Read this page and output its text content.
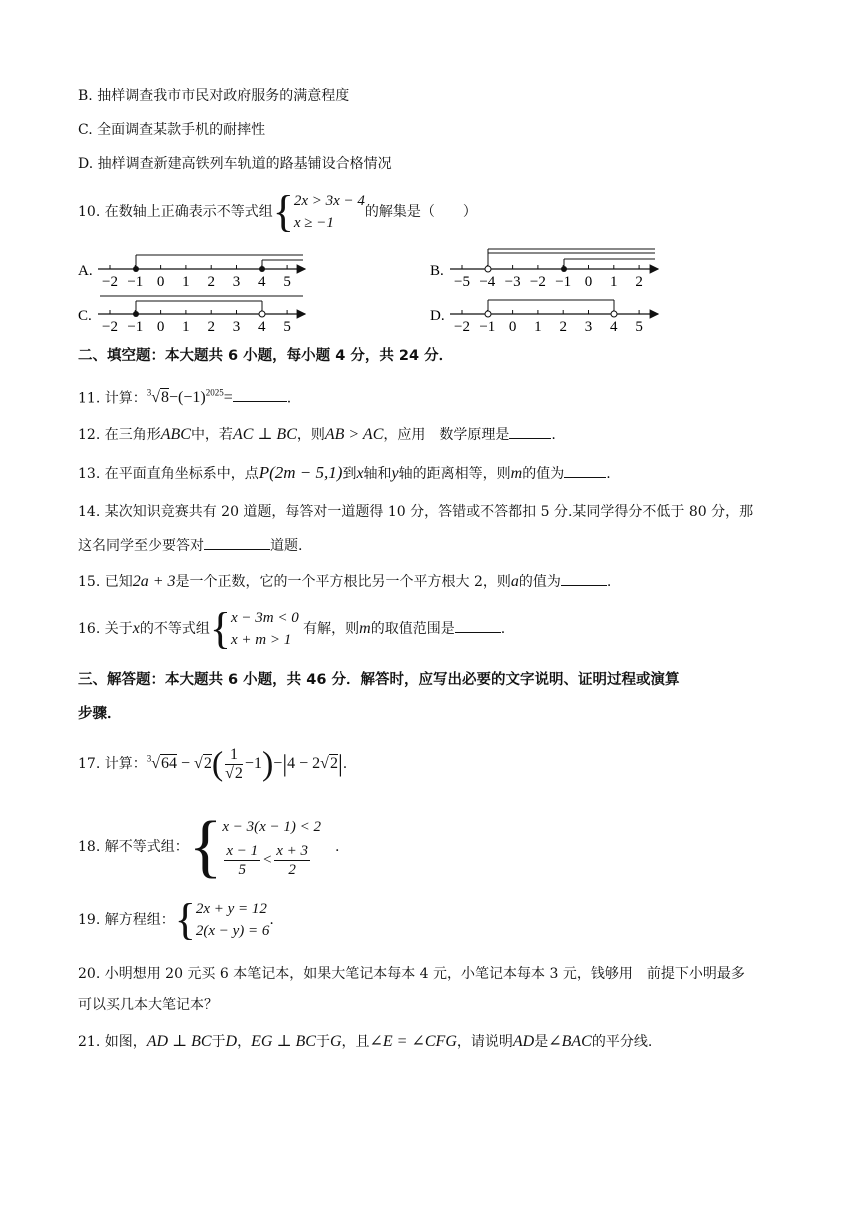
B. 抽样调查我市市民对政府服务的满意程度
C. 全面调查某款手机的耐摔性
D. 抽样调查新建高铁列车轨道的路基铺设合格情况
10. 在数轴上正确表示不等式组{ 2x > 3x − 4
x ≥ −1
的解集是（　　）
A.
−2 −1 0 1 2 3 4 5
B.
−5 −4 −3 −2 −1 0 1 2
C.
−2 −1 0 1 2 3 4 5
D.
−2 −1 0 1 2 3 4 5
二、填空题：本大题共 6 小题，每小题 4 分，共 24 分．
11. 计算：$^3√8-(-1)^{2025}=$	.
12. 在三角形ABC中，若AC ⊥ BC，则AB > AC，应用　数学原理是	.
13. 在平面直角坐标系中，点P(2m − 5,1)到x轴和y轴的距离相等，则m的值为	.
14. 某次知识竞赛共有 20 道题，每答对一道题得 10 分，答错或不答都扣 5 分.某同学得分不低于 80 分，那
这名同学至少要答对	道题.
15. 已知2a + 3是一个正数，它的一个平方根比另一个平方根大 2，则a的值为	.
16. 关于x的不等式组{ x − 3m < 0
x + m > 1
有解，则m的取值范围是	.
三、解答题：本大题共 6 小题，共 46 分．解答时，应写出必要的文字说明、证明过程或演算
步骤．
17. 计算：$^3√64 - √2( \frac{1}{√2} -1)-|4 - 2√2|$.
18. 解不等式组：{ x − 3(x − 1) < 2
$\frac{x - 1}{5} < \frac{x + 3}{2}$ .
19. 解方程组：{ 2x + y = 12
2(x − y) = 6
.
20. 小明想用 20 元买 6 本笔记本，如果大笔记本每本 4 元，小笔记本每本 3 元，钱够用　前提下小明最多
可以买几本大笔记本？
21. 如图，AD ⊥ BC于D，EG ⊥ BC于G，且∠E = ∠CFG，请说明AD是∠BAC的平分线.
